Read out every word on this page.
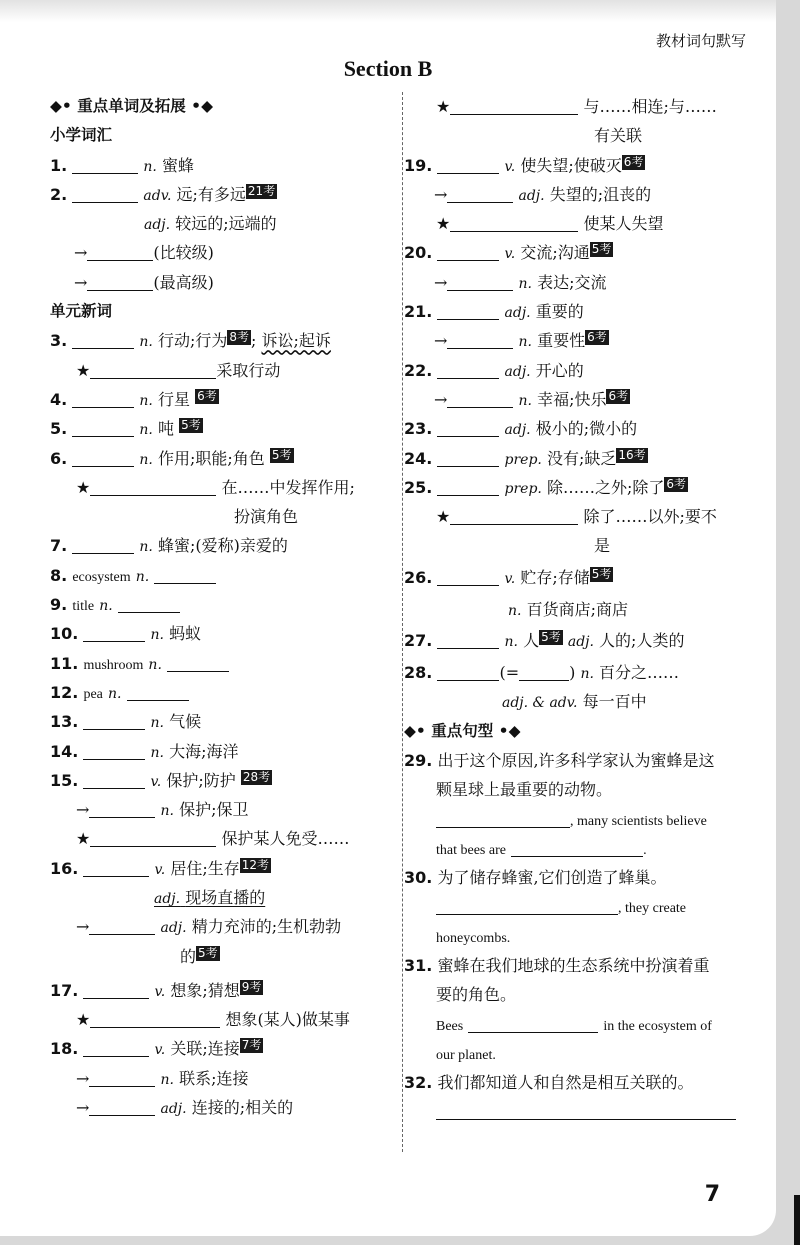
教材词句默写
Section B
◆• 重点单词及拓展 •◆
小学词汇
1.	n. 蜜蜂
2.	adv. 远;有多远 21考
adj. 较远的;远端的
→	(比较级)
→	(最高级)
单元新词
3.	n. 行动;行为 8考 ; 诉讼;起诉
★	采取行动
4.	n. 行星 6考
5.	n. 吨 5考
6.	n. 作用;职能;角色 5考
★	在……中发挥作用;
扮演角色
7.	n. 蜂蜜;(爱称)亲爱的
8. ecosystem n.
9. title n.
10.	n. 蚂蚁
11. mushroom n.
12. pea n.
13.	n. 气候
14.	n. 大海;海洋
15.	v. 保护;防护 28考
→	n. 保护;保卫
★	保护某人免受……
16.	v. 居住;生存 12考
adj. 现场直播的
→	adj. 精力充沛的;生机勃勃
的 5考
17.	v. 想象;猜想 9考
★	想象(某人)做某事
18.	v. 关联;连接 7考
→	n. 联系;连接
→	adj. 连接的;相关的
★	与……相连;与……
有关联
19.	v. 使失望;使破灭 6考
→	adj. 失望的;沮丧的
★	使某人失望
20.	v. 交流;沟通 5考
→	n. 表达;交流
21.	adj. 重要的
→	n. 重要性 6考
22.	adj. 开心的
→	n. 幸福;快乐 6考
23.	adj. 极小的;微小的
24.	prep. 没有;缺乏 16考
25.	prep. 除……之外;除了 6考
★	除了……以外;要不
是
26.	v. 贮存;存储 5考
n. 百货商店;商店
27.	n. 人 5考 adj. 人的;人类的
28.	(=	) n. 百分之……
adj. & adv. 每一百中
◆• 重点句型 •◆
29. 出于这个原因,许多科学家认为蜜蜂是这
颗星球上最重要的动物。
, many scientists believe
that bees are	.
30. 为了储存蜂蜜,它们创造了蜂巢。
, they create
honeycombs.
31. 蜜蜂在我们地球的生态系统中扮演着重
要的角色。
Bees	in the ecosystem of
our planet.
32. 我们都知道人和自然是相互关联的。
7
